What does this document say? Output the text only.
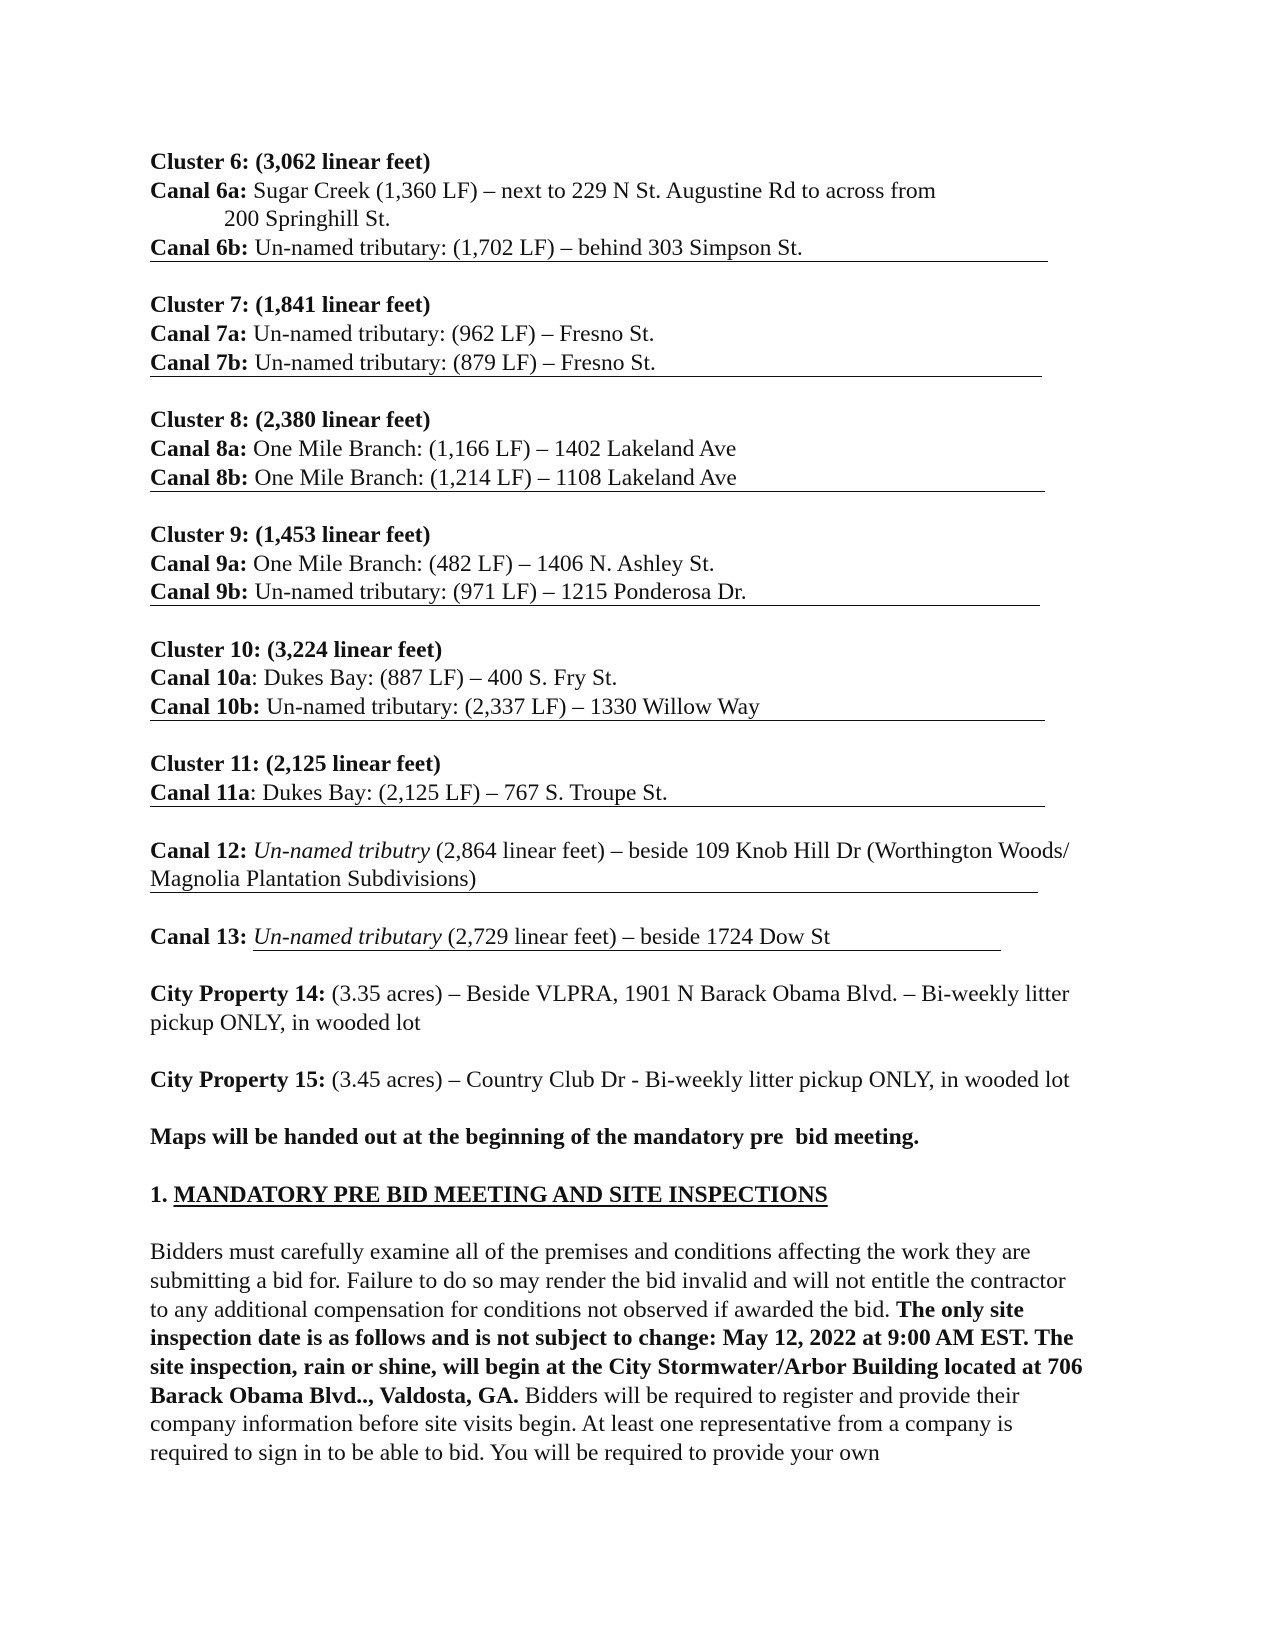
Cluster 6: (3,062 linear feet)
Canal 6a: Sugar Creek (1,360 LF) – next to 229 N St. Augustine Rd to across from
200 Springhill St.
Canal 6b: Un-named tributary: (1,702 LF) – behind 303 Simpson St.
Cluster 7: (1,841 linear feet)
Canal 7a: Un-named tributary: (962 LF) – Fresno St.
Canal 7b: Un-named tributary: (879 LF) – Fresno St.
Cluster 8: (2,380 linear feet)
Canal 8a: One Mile Branch: (1,166 LF) – 1402 Lakeland Ave
Canal 8b: One Mile Branch: (1,214 LF) – 1108 Lakeland Ave
Cluster 9: (1,453 linear feet)
Canal 9a: One Mile Branch: (482 LF) – 1406 N. Ashley St.
Canal 9b: Un-named tributary: (971 LF) – 1215 Ponderosa Dr.
Cluster 10: (3,224 linear feet)
Canal 10a: Dukes Bay: (887 LF) – 400 S. Fry St.
Canal 10b: Un-named tributary: (2,337 LF) – 1330 Willow Way
Cluster 11: (2,125 linear feet)
Canal 11a: Dukes Bay: (2,125 LF) – 767 S. Troupe St.
Canal 12: Un-named tributry (2,864 linear feet) – beside 109 Knob Hill Dr (Worthington Woods/
Magnolia Plantation Subdivisions)
Canal 13: Un-named tributary (2,729 linear feet) – beside 1724 Dow St
City Property 14: (3.35 acres) – Beside VLPRA, 1901 N Barack Obama Blvd. – Bi-weekly litter pickup ONLY, in wooded lot
City Property 15: (3.45 acres) – Country Club Dr - Bi-weekly litter pickup ONLY, in wooded lot
Maps will be handed out at the beginning of the mandatory pre  bid meeting.
1. MANDATORY PRE BID MEETING AND SITE INSPECTIONS
Bidders must carefully examine all of the premises and conditions affecting the work they are submitting a bid for. Failure to do so may render the bid invalid and will not entitle the contractor to any additional compensation for conditions not observed if awarded the bid. The only site inspection date is as follows and is not subject to change: May 12, 2022 at 9:00 AM EST. The site inspection, rain or shine, will begin at the City Stormwater/Arbor Building located at 706 Barack Obama Blvd.., Valdosta, GA. Bidders will be required to register and provide their company information before site visits begin. At least one representative from a company is required to sign in to be able to bid. You will be required to provide your own
